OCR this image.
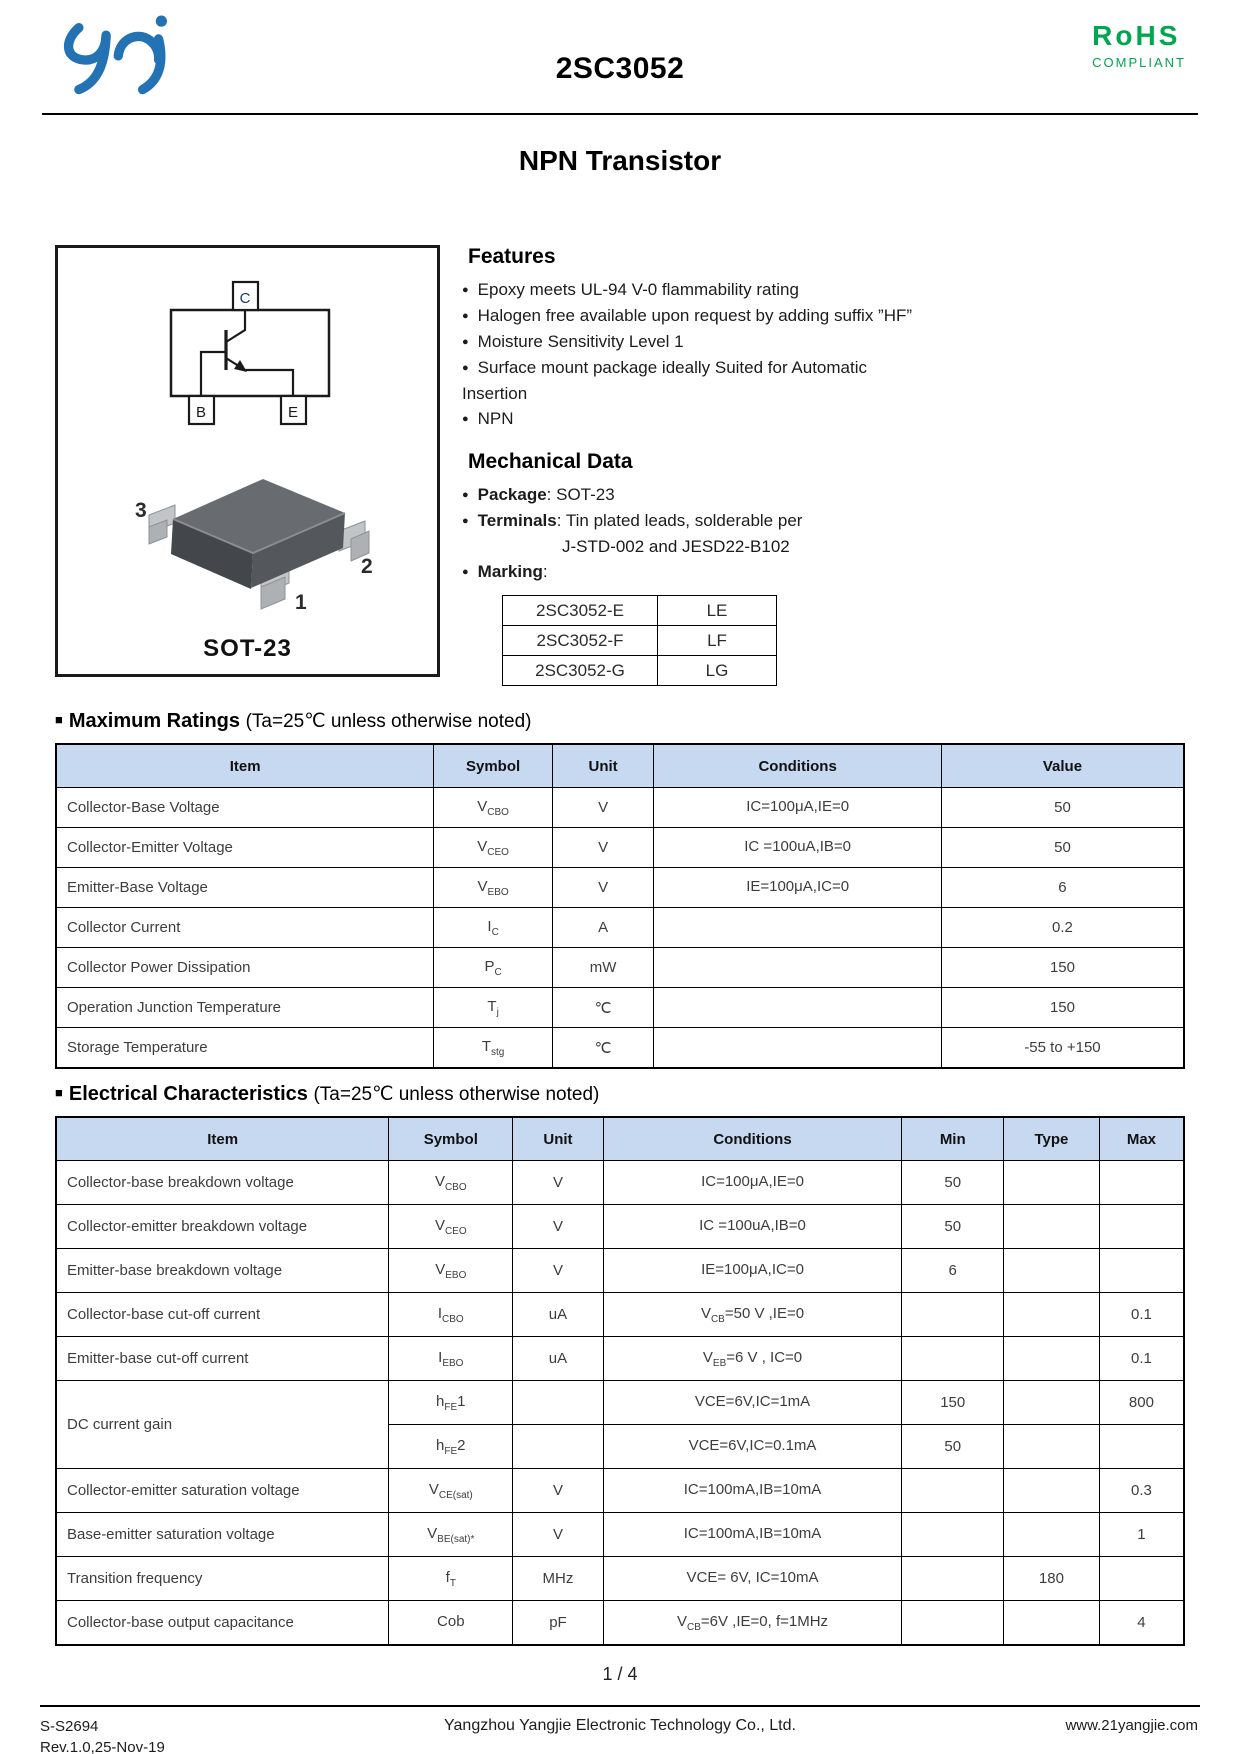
2SC3052
RoHS
COMPLIANT
NPN Transistor
C
B	E
3
2
1
SOT-23
Features
● Epoxy meets UL-94 V-0 flammability rating
● Halogen free available upon request by adding suffix ”HF”
● Moisture Sensitivity Level 1
● Surface mount package ideally Suited for Automatic
Insertion
● NPN
Mechanical Data
● Package: SOT-23
● Terminals: Tin plated leads, solderable per
J-STD-002 and JESD22-B102
● Marking:
2SC3052-E	LE
2SC3052-F	LF
2SC3052-G	LG
■ Maximum Ratings (Ta=25℃ unless otherwise noted)
Item	Symbol	Unit	Conditions	Value
Collector-Base Voltage	$V_{CBO}$	V	IC=100μA,IE=0	50
Collector-Emitter Voltage	$V_{CEO}$	V	IC =100uA,IB=0	50
Emitter-Base Voltage	$V_{EBO}$	V	IE=100μA,IC=0	6
Collector Current	$I_C$	A		0.2
Collector Power Dissipation	$P_C$	mW		150
Operation Junction Temperature	$T_j$	℃		150
Storage Temperature	$T_{stg}$	℃		-55 to +150
■ Electrical Characteristics (Ta=25℃ unless otherwise noted)
Item	Symbol	Unit	Conditions	Min	Type	Max
Collector-base breakdown voltage	$V_{CBO}$	V	IC=100μA,IE=0	50		
Collector-emitter breakdown voltage	$V_{CEO}$	V	IC =100uA,IB=0	50		
Emitter-base breakdown voltage	$V_{EBO}$	V	IE=100μA,IC=0	6		
Collector-base cut-off current	$I_{CBO}$	uA	$V_{CB}=50$ V ,IE=0			0.1
Emitter-base cut-off current	$I_{EBO}$	uA	$V_{EB}=6$ V , IC=0			0.1
DC current gain	$h_{FE}1$		VCE=6V,IC=1mA	150		800
	$h_{FE}2$		VCE=6V,IC=0.1mA	50		
Collector-emitter saturation voltage	$V_{CE(sat)}$	V	IC=100mA,IB=10mA			0.3
Base-emitter saturation voltage	$V_{BE(sat)*}$	V	IC=100mA,IB=10mA			1
Transition frequency	$f_T$	MHz	VCE= 6V, IC=10mA		180	
Collector-base output capacitance	Cob	pF	$V_{CB}=6V$ ,IE=0, f=1MHz			4
1 / 4
S-S2694
Rev.1.0,25-Nov-19
Yangzhou Yangjie Electronic Technology Co., Ltd.	www.21yangjie.com
